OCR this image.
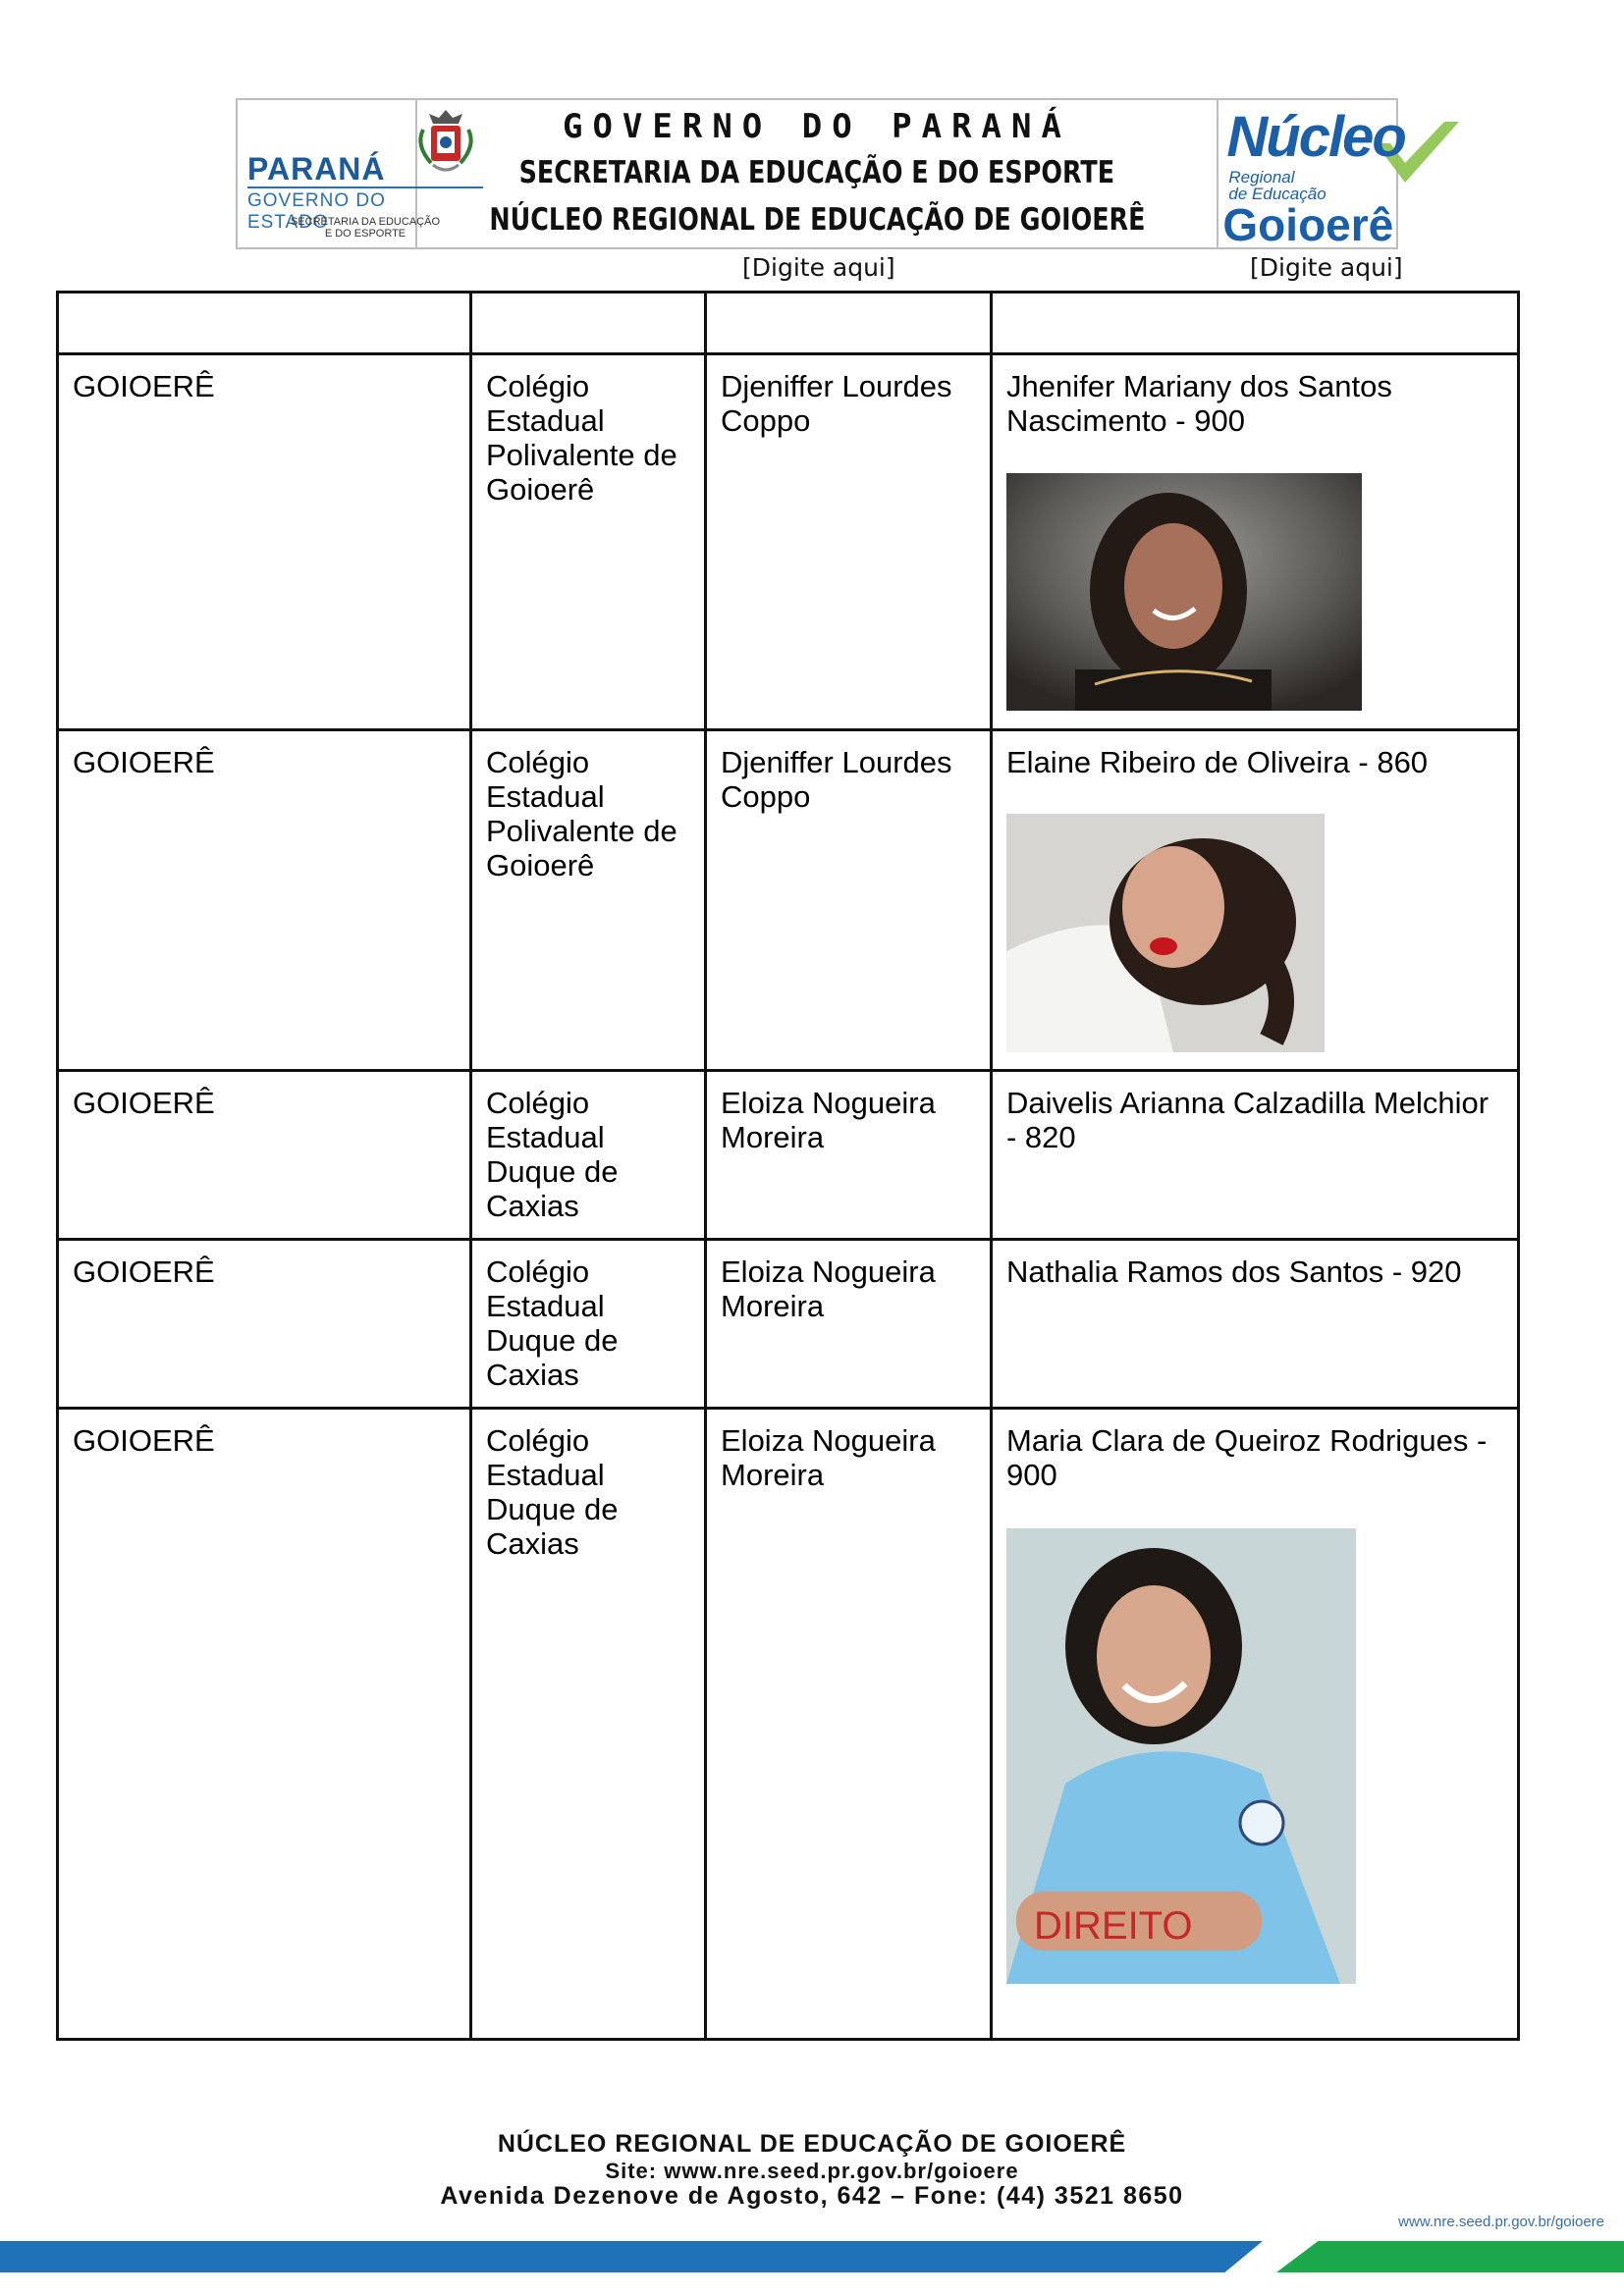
PARANÁ
GOVERNO DO ESTADO
SECRETARIA DA EDUCAÇÃO
E DO ESPORTE
GOVERNO DO PARANÁ
SECRETARIA DA EDUCAÇÃO E DO ESPORTE
NÚCLEO REGIONAL DE EDUCAÇÃO DE GOIOERÊ
Núcleo
Regional
de Educação
Goioerê
[Digite aqui]	[Digite aqui]

GOIOERÊ	Colégio Estadual Polivalente de Goioerê	Djeniffer Lourdes Coppo	Jhenifer Mariany dos Santos Nascimento - 900

GOIOERÊ	Colégio Estadual Polivalente de Goioerê	Djeniffer Lourdes Coppo	Elaine Ribeiro de Oliveira - 860

GOIOERÊ	Colégio Estadual Duque de Caxias	Eloiza Nogueira Moreira	Daivelis Arianna Calzadilla Melchior - 820

GOIOERÊ	Colégio Estadual Duque de Caxias	Eloiza Nogueira Moreira	Nathalia Ramos dos Santos - 920

GOIOERÊ	Colégio Estadual Duque de Caxias	Eloiza Nogueira Moreira	Maria Clara de Queiroz Rodrigues - 900
DIREITO
NÚCLEO REGIONAL DE EDUCAÇÃO DE GOIOERÊ
Site: www.nre.seed.pr.gov.br/goioere
Avenida Dezenove de Agosto, 642 – Fone: (44) 3521 8650
www.nre.seed.pr.gov.br/goioere
